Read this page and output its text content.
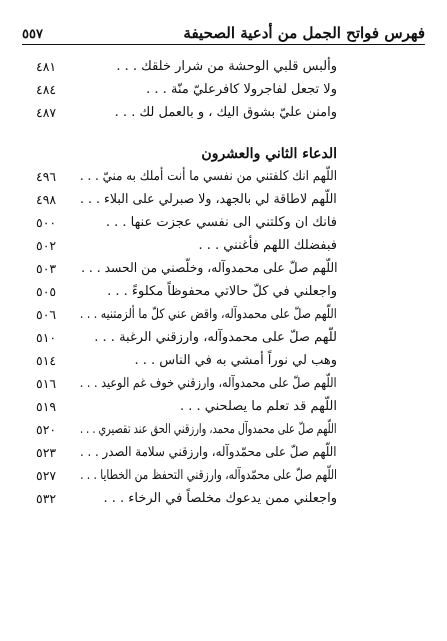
فهرس فواتح الجمل من أدعية الصحيفة
٥٥٧
وألبس قلبي الوحشة من شرار خلقك . . .
٤٨١
ولا تجعل لفاجرولا كافرعليّ منّة . . .
٤٨٤
وامنن عليّ بشوق اليك ، و بالعمل لك . . .
٤٨٧
الدعاء الثاني والعشرون
اللّهم انك كلفتني من نفسي ما أنت أملك به منيّ . . .
٤٩٦
اللّهم لاطاقة لي بالجهد، ولا صبرلي على البلاء . . .
٤٩٨
فانك ان وكلتني الى نفسي عجزت عنها . . .
٥٠٠
فبفضلك اللهم فأغنني . . .
٥٠٢
اللّهم صلّ على محمدوآله، وخلّصني من الحسد . . .
٥٠٣
واجعلني في كلّ حالاتي محفوظاً مكلوءً . . .
٥٠٥
اللّهم صلّ على محمدوآله، واقض عني كلّ ما ألزمتنيه . . .
٥٠٦
للّهم صلّ على محمدوآله، وارزقني الرغبة . . .
٥١٠
وهب لي نوراً أمشي به في الناس . . .
٥١٤
اللّهم صلّ على محمدوآله، وارزقني خوف غم الوعيد . . .
٥١٦
اللّهم قد تعلم ما يصلحني . . .
٥١٩
اللّهم صلّ على محمدوآل محمد، وارزقني الحق عند تقصيري . . .
٥٢٠
اللّهم صلّ على محمّدوآله، وارزقني سلامة الصدر . . .
٥٢٣
اللّهم صلّ على محمّدوآله، وارزقني التحفظ من الخطايا . . .
٥٢٧
واجعلني ممن يدعوك مخلصاً في الرخاء . . .
٥٣٢
